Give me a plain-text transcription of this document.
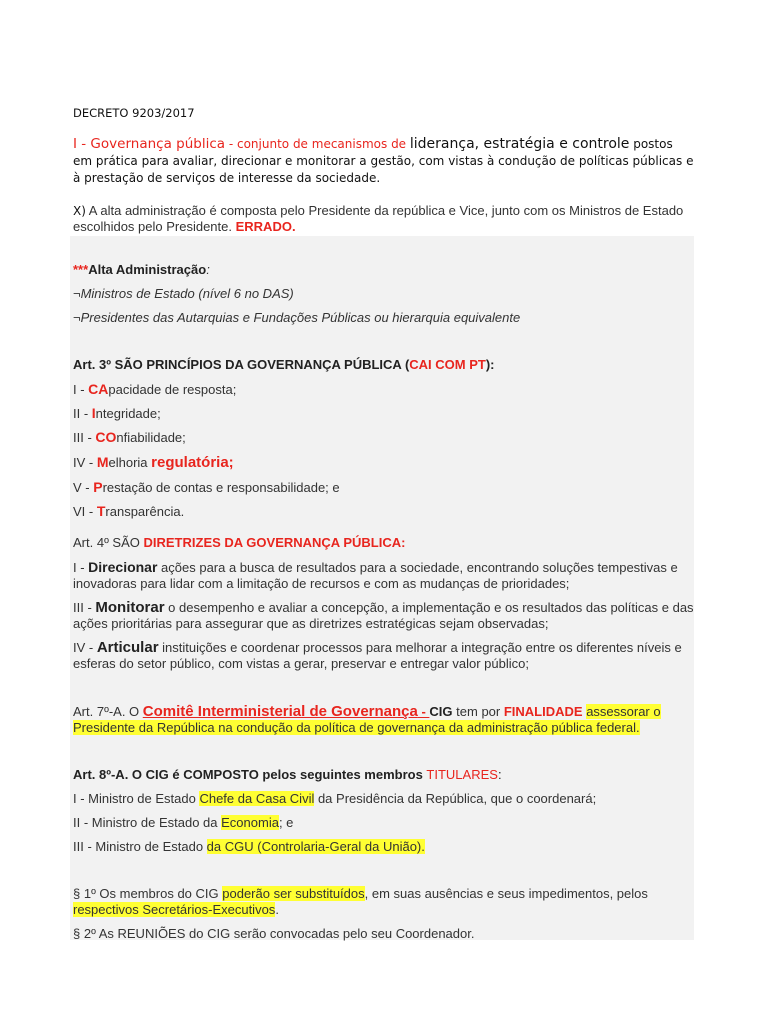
DECRETO 9203/2017
I - Governança pública - conjunto de mecanismos de liderança, estratégia e controle postos em prática para avaliar, direcionar e monitorar a gestão, com vistas à condução de políticas públicas e à prestação de serviços de interesse da sociedade.
X) A alta administração é composta pelo Presidente da república e Vice, junto com os Ministros de Estado escolhidos pelo Presidente. ERRADO.
***Alta Administração:
¬Ministros de Estado (nível 6 no DAS)
¬Presidentes das Autarquias e Fundações Públicas ou hierarquia equivalente
Art. 3º SÃO PRINCÍPIOS DA GOVERNANÇA PÚBLICA (CAI COM PT):
I - CApacidade de resposta;
II - Integridade;
III - COnfiabilidade;
IV - Melhoria regulatória;
V - Prestação de contas e responsabilidade; e
VI - Transparência.
Art. 4º SÃO DIRETRIZES DA GOVERNANÇA PÚBLICA:
I - Direcionar ações para a busca de resultados para a sociedade, encontrando soluções tempestivas e inovadoras para lidar com a limitação de recursos e com as mudanças de prioridades;
III - Monitorar o desempenho e avaliar a concepção, a implementação e os resultados das políticas e das ações prioritárias para assegurar que as diretrizes estratégicas sejam observadas;
IV - Articular instituições e coordenar processos para melhorar a integração entre os diferentes níveis e esferas do setor público, com vistas a gerar, preservar e entregar valor público;
Art. 7º-A. O Comitê Interministerial de Governança - CIG tem por FINALIDADE assessorar o Presidente da República na condução da política de governança da administração pública federal.
Art. 8º-A. O CIG é COMPOSTO pelos seguintes membros TITULARES:
I - Ministro de Estado Chefe da Casa Civil da Presidência da República, que o coordenará;
II - Ministro de Estado da Economia; e
III - Ministro de Estado da CGU (Controlaria-Geral da União).
§ 1º Os membros do CIG poderão ser substituídos, em suas ausências e seus impedimentos, pelos respectivos Secretários-Executivos.
§ 2º As REUNIÕES do CIG serão convocadas pelo seu Coordenador.
